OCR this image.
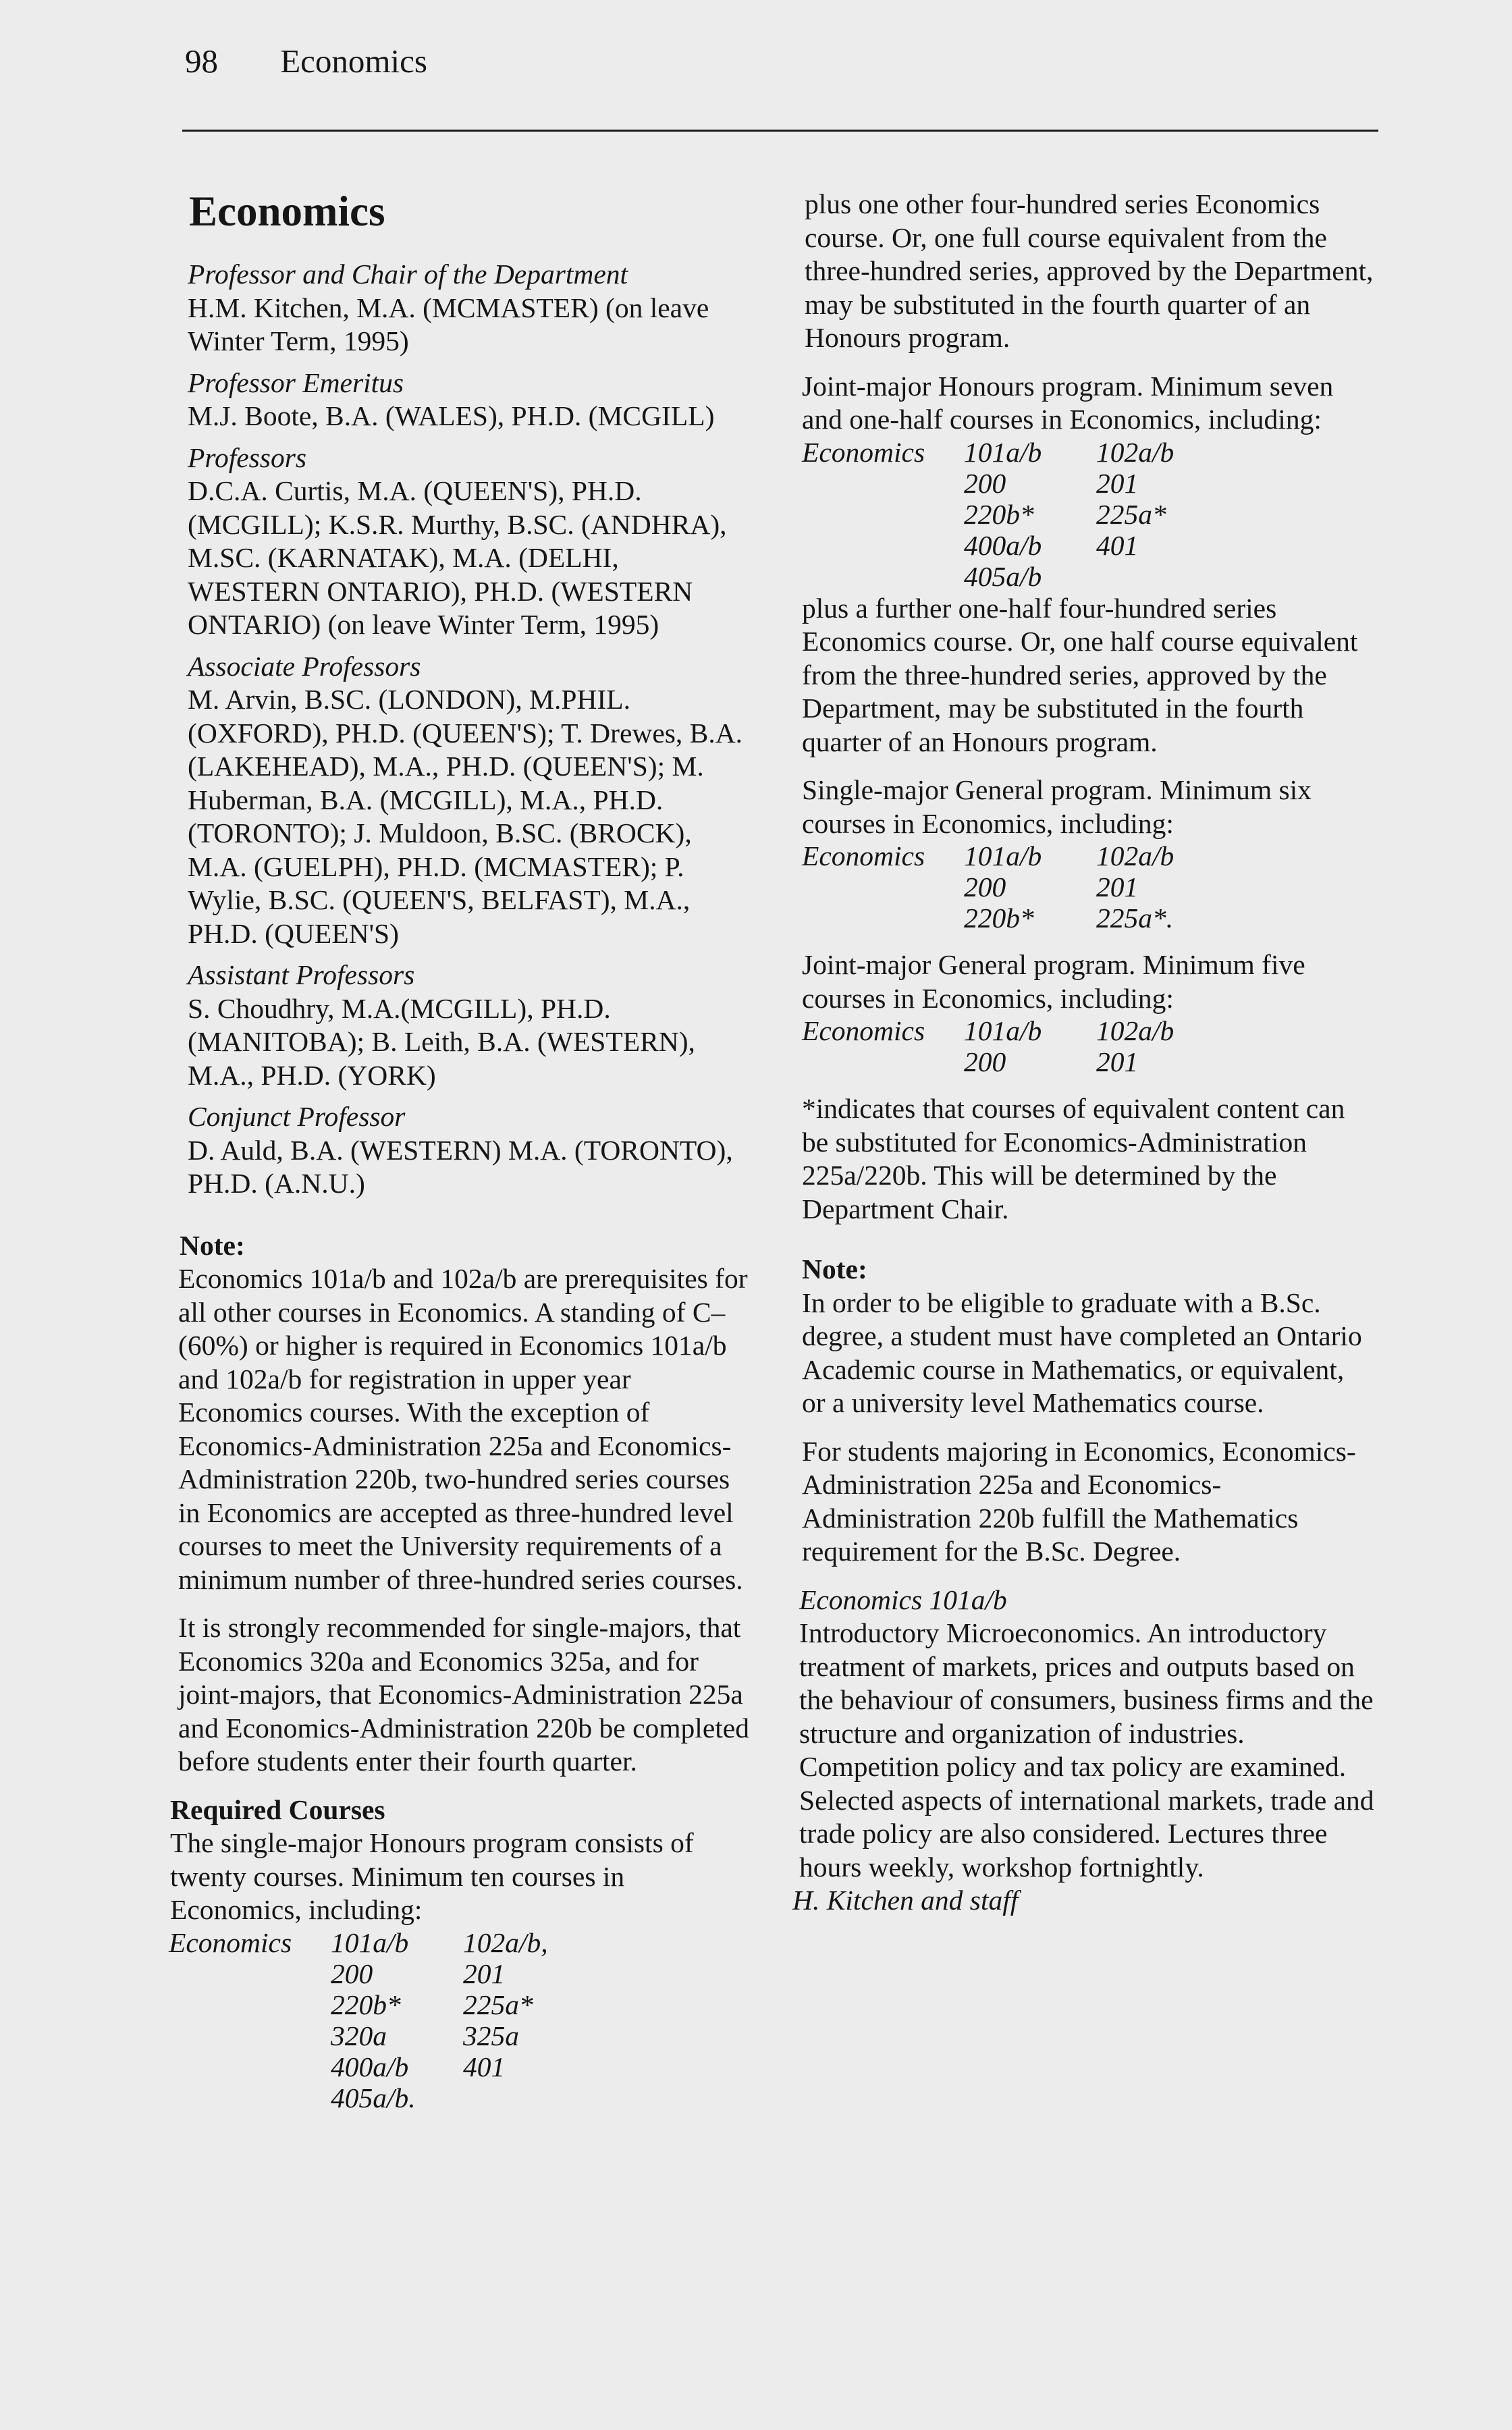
98 Economics
Economics
Professor and Chair of the Department
H.M. Kitchen, M.A. (MCMASTER) (on leave Winter Term, 1995)
Professor Emeritus
M.J. Boote, B.A. (WALES), PH.D. (MCGILL)
Professors
D.C.A. Curtis, M.A. (QUEEN'S), PH.D. (MCGILL); K.S.R. Murthy, B.SC. (ANDHRA), M.SC. (KARNATAK), M.A. (DELHI, WESTERN ONTARIO), PH.D. (WESTERN ONTARIO) (on leave Winter Term, 1995)
Associate Professors
M. Arvin, B.SC. (LONDON), M.PHIL. (OXFORD), PH.D. (QUEEN'S); T. Drewes, B.A. (LAKEHEAD), M.A., PH.D. (QUEEN'S); M. Huberman, B.A. (MCGILL), M.A., PH.D. (TORONTO); J. Muldoon, B.SC. (BROCK), M.A. (GUELPH), PH.D. (MCMASTER); P. Wylie, B.SC. (QUEEN'S, BELFAST), M.A., PH.D. (QUEEN'S)
Assistant Professors
S. Choudhry, M.A.(MCGILL), PH.D. (MANITOBA); B. Leith, B.A. (WESTERN), M.A., PH.D. (YORK)
Conjunct Professor
D. Auld, B.A. (WESTERN) M.A. (TORONTO), PH.D. (A.N.U.)
Note:
Economics 101a/b and 102a/b are prerequisites for all other courses in Economics. A standing of C– (60%) or higher is required in Economics 101a/b and 102a/b for registration in upper year Economics courses. With the exception of Economics-Administration 225a and Economics-Administration 220b, two-hundred series courses in Economics are accepted as three-hundred level courses to meet the University requirements of a minimum number of three-hundred series courses.
It is strongly recommended for single-majors, that Economics 320a and Economics 325a, and for joint-majors, that Economics-Administration 225a and Economics-Administration 220b be completed before students enter their fourth quarter.
Required Courses
The single-major Honours program consists of twenty courses. Minimum ten courses in Economics, including:
Economics	101a/b	102a/b,
200	201
220b*	225a*
320a	325a
400a/b	401
405a/b.
plus one other four-hundred series Economics course. Or, one full course equivalent from the three-hundred series, approved by the Department, may be substituted in the fourth quarter of an Honours program.
Joint-major Honours program. Minimum seven and one-half courses in Economics, including:
Economics	101a/b	102a/b
200	201
220b*	225a*
400a/b	401
405a/b
plus a further one-half four-hundred series Economics course. Or, one half course equivalent from the three-hundred series, approved by the Department, may be substituted in the fourth quarter of an Honours program.
Single-major General program. Minimum six courses in Economics, including:
Economics	101a/b	102a/b
200	201
220b*	225a*.
Joint-major General program. Minimum five courses in Economics, including:
Economics	101a/b	102a/b
200	201
*indicates that courses of equivalent content can be substituted for Economics-Administration 225a/220b. This will be determined by the Department Chair.
Note:
In order to be eligible to graduate with a B.Sc. degree, a student must have completed an Ontario Academic course in Mathematics, or equivalent, or a university level Mathematics course.
For students majoring in Economics, Economics-Administration 225a and Economics-Administration 220b fulfill the Mathematics requirement for the B.Sc. Degree.
Economics 101a/b
Introductory Microeconomics. An introductory treatment of markets, prices and outputs based on the behaviour of consumers, business firms and the structure and organization of industries. Competition policy and tax policy are examined. Selected aspects of international markets, trade and trade policy are also considered. Lectures three hours weekly, workshop fortnightly.
H. Kitchen and staff
